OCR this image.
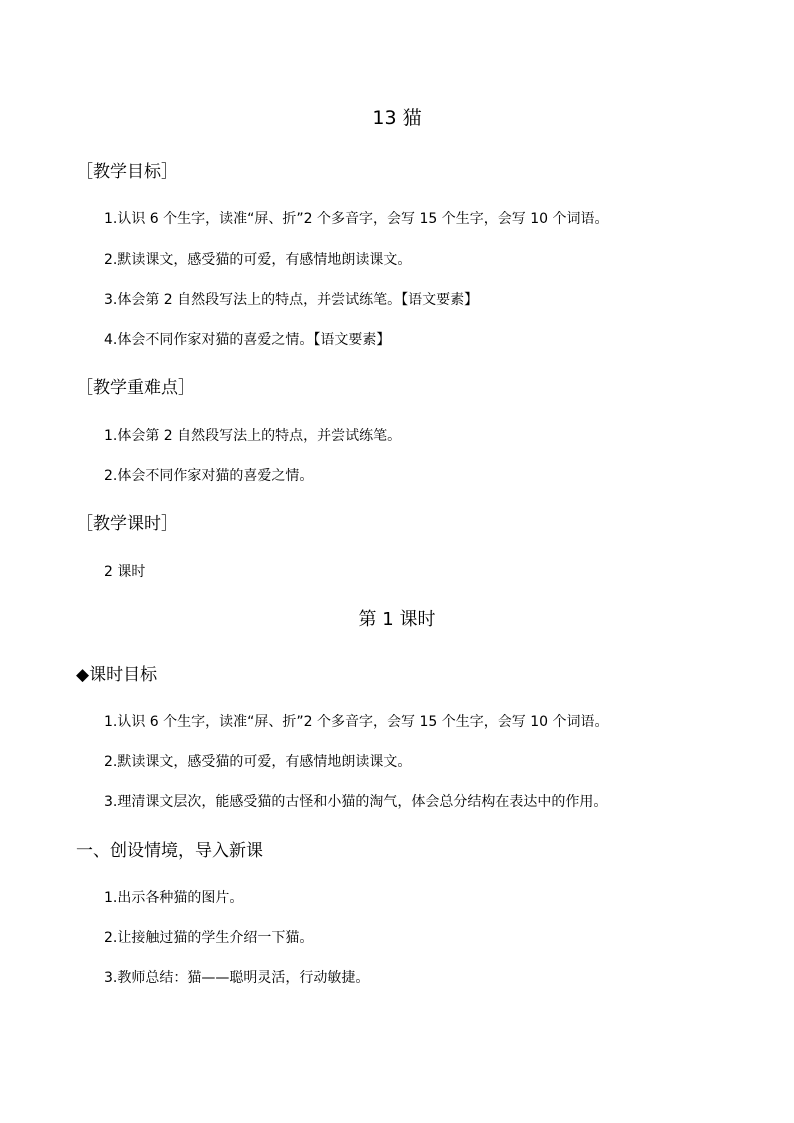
13 猫
［教学目标］
1.认识 6 个生字，读准“屏、折”2 个多音字，会写 15 个生字，会写 10 个词语。
2.默读课文，感受猫的可爱，有感情地朗读课文。
3.体会第 2 自然段写法上的特点，并尝试练笔。【语文要素】
4.体会不同作家对猫的喜爱之情。【语文要素】
［教学重难点］
1.体会第 2 自然段写法上的特点，并尝试练笔。
2.体会不同作家对猫的喜爱之情。
［教学课时］
2 课时
第 1 课时
◆课时目标
1.认识 6 个生字，读准“屏、折”2 个多音字，会写 15 个生字，会写 10 个词语。
2.默读课文，感受猫的可爱，有感情地朗读课文。
3.理清课文层次，能感受猫的古怪和小猫的淘气，体会总分结构在表达中的作用。
一、创设情境，导入新课
1.出示各种猫的图片。
2.让接触过猫的学生介绍一下猫。
3.教师总结：猫——聪明灵活，行动敏捷。
